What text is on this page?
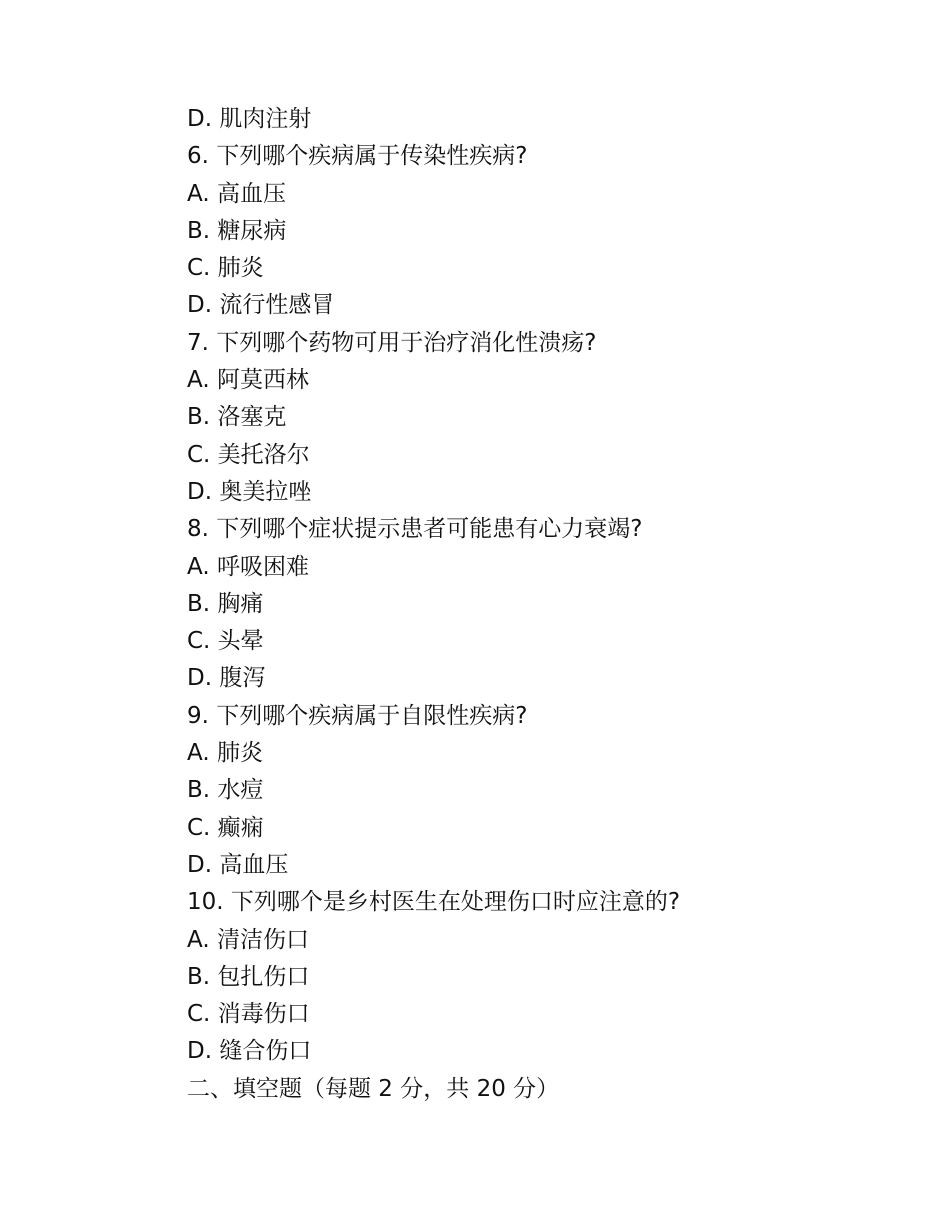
D. 肌肉注射
6. 下列哪个疾病属于传染性疾病?
A. 高血压
B. 糖尿病
C. 肺炎
D. 流行性感冒
7. 下列哪个药物可用于治疗消化性溃疡?
A. 阿莫西林
B. 洛塞克
C. 美托洛尔
D. 奥美拉唑
8. 下列哪个症状提示患者可能患有心力衰竭?
A. 呼吸困难
B. 胸痛
C. 头晕
D. 腹泻
9. 下列哪个疾病属于自限性疾病?
A. 肺炎
B. 水痘
C. 癫痫
D. 高血压
10. 下列哪个是乡村医生在处理伤口时应注意的?
A. 清洁伤口
B. 包扎伤口
C. 消毒伤口
D. 缝合伤口
二、填空题（每题 2 分，共 20 分）
